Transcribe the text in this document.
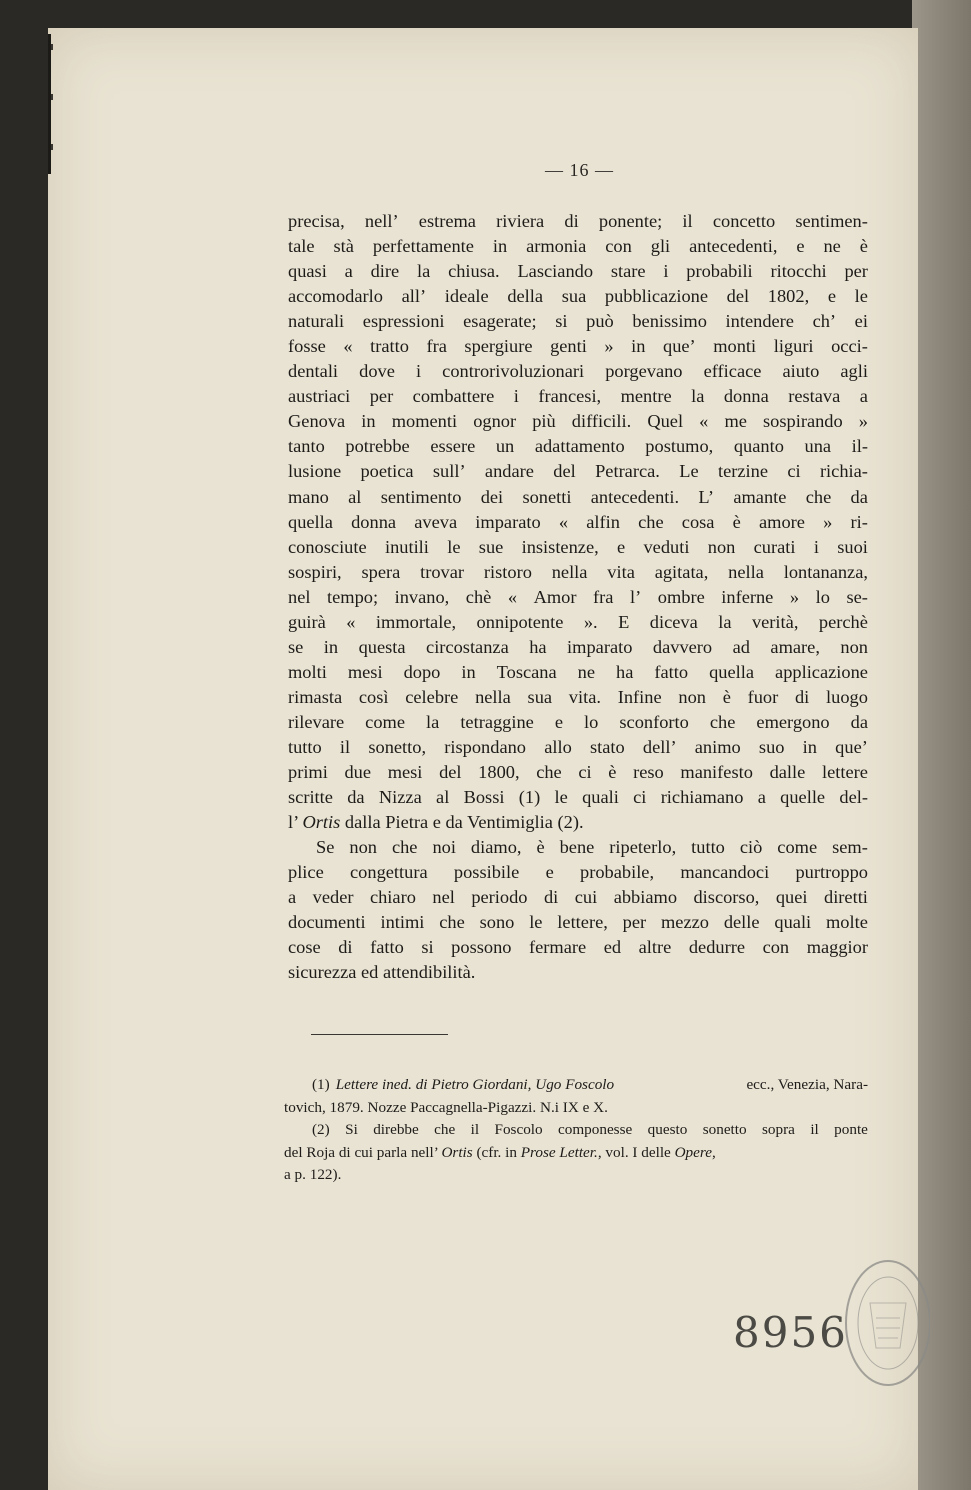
— 16 —
precisa, nell’ estrema riviera di ponente; il concetto sentimen-
tale stà perfettamente in armonia con gli antecedenti, e ne è
quasi a dire la chiusa. Lasciando stare i probabili ritocchi per
accomodarlo all’ ideale della sua pubblicazione del 1802, e le
naturali espressioni esagerate; si può benissimo intendere ch’ ei
fosse « tratto fra spergiure genti » in que’ monti liguri occi-
dentali dove i controrivoluzionari porgevano efficace aiuto agli
austriaci per combattere i francesi, mentre la donna restava a
Genova in momenti ognor più difficili. Quel « me sospirando »
tanto potrebbe essere un adattamento postumo, quanto una il-
lusione poetica sull’ andare del Petrarca. Le terzine ci richia-
mano al sentimento dei sonetti antecedenti. L’ amante che da
quella donna aveva imparato « alfin che cosa è amore » ri-
conosciute inutili le sue insistenze, e veduti non curati i suoi
sospiri, spera trovar ristoro nella vita agitata, nella lontananza,
nel tempo; invano, chè « Amor fra l’ ombre inferne » lo se-
guirà « immortale, onnipotente ». E diceva la verità, perchè
se in questa circostanza ha imparato davvero ad amare, non
molti mesi dopo in Toscana ne ha fatto quella applicazione
rimasta così celebre nella sua vita. Infine non è fuor di luogo
rilevare come la tetraggine e lo sconforto che emergono da
tutto il sonetto, rispondano allo stato dell’ animo suo in que’
primi due mesi del 1800, che ci è reso manifesto dalle lettere
scritte da Nizza al Bossi (1) le quali ci richiamano a quelle del-
l’ Ortis dalla Pietra e da Ventimiglia (2).
Se non che noi diamo, è bene ripeterlo, tutto ciò come sem-
plice congettura possibile e probabile, mancandoci purtroppo
a veder chiaro nel periodo di cui abbiamo discorso, quei diretti
documenti intimi che sono le lettere, per mezzo delle quali molte
cose di fatto si possono fermare ed altre dedurre con maggior
sicurezza ed attendibilità.
(1) Lettere ined. di Pietro Giordani, Ugo Foscolo	ecc., Venezia, Nara-
tovich, 1879. Nozze Paccagnella-Pigazzi. N.i IX e X.
(2) Si direbbe che il Foscolo componesse questo sonetto sopra il ponte
del Roja di cui parla nell’ Ortis (cfr. in Prose Letter. , vol. I delle Opere ,
a p. 122).
8956
